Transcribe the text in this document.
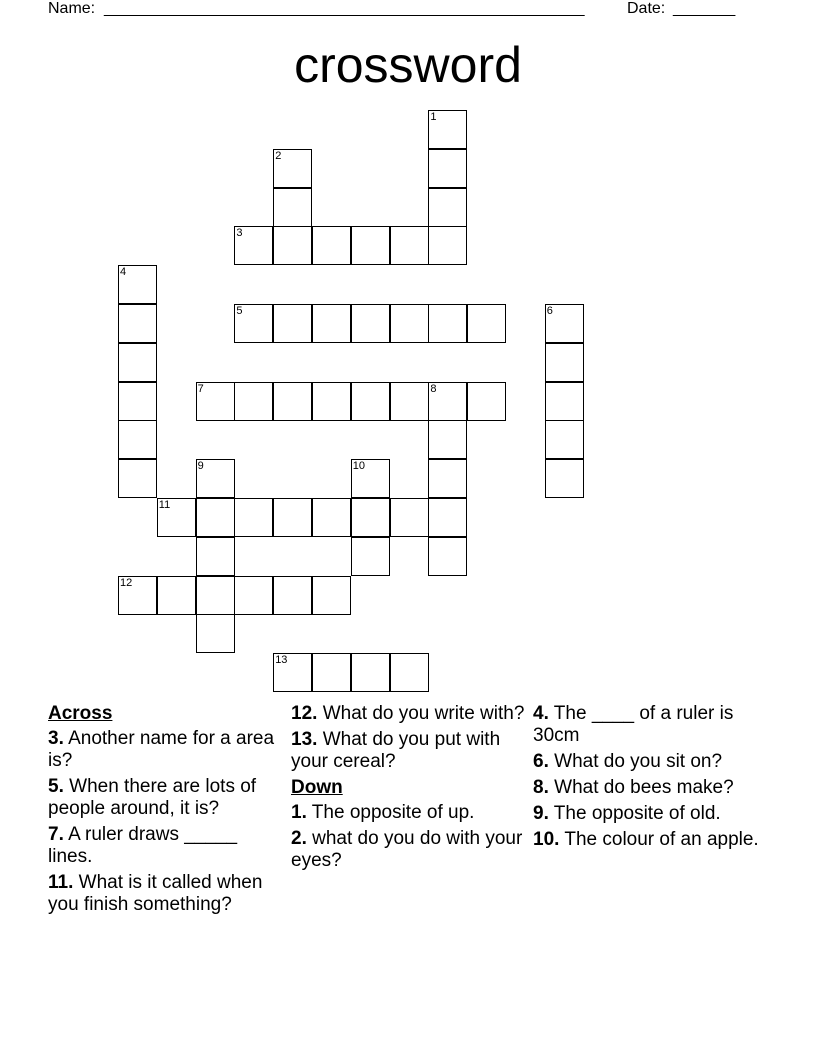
Name: ______________________________________________________	Date: _______
crossword
1
2
3
4
5	6
7	8
9	10
11
12
13
Across
3. Another name for a area is?
5. When there are lots of people around, it is?
7. A ruler draws _____ lines.
11. What is it called when you finish something?
12. What do you write with?
13. What do you put with your cereal?
Down
1. The opposite of up.
2. what do you do with your eyes?
4. The ____ of a ruler is 30cm
6. What do you sit on?
8. What do bees make?
9. The opposite of old.
10. The colour of an apple.
